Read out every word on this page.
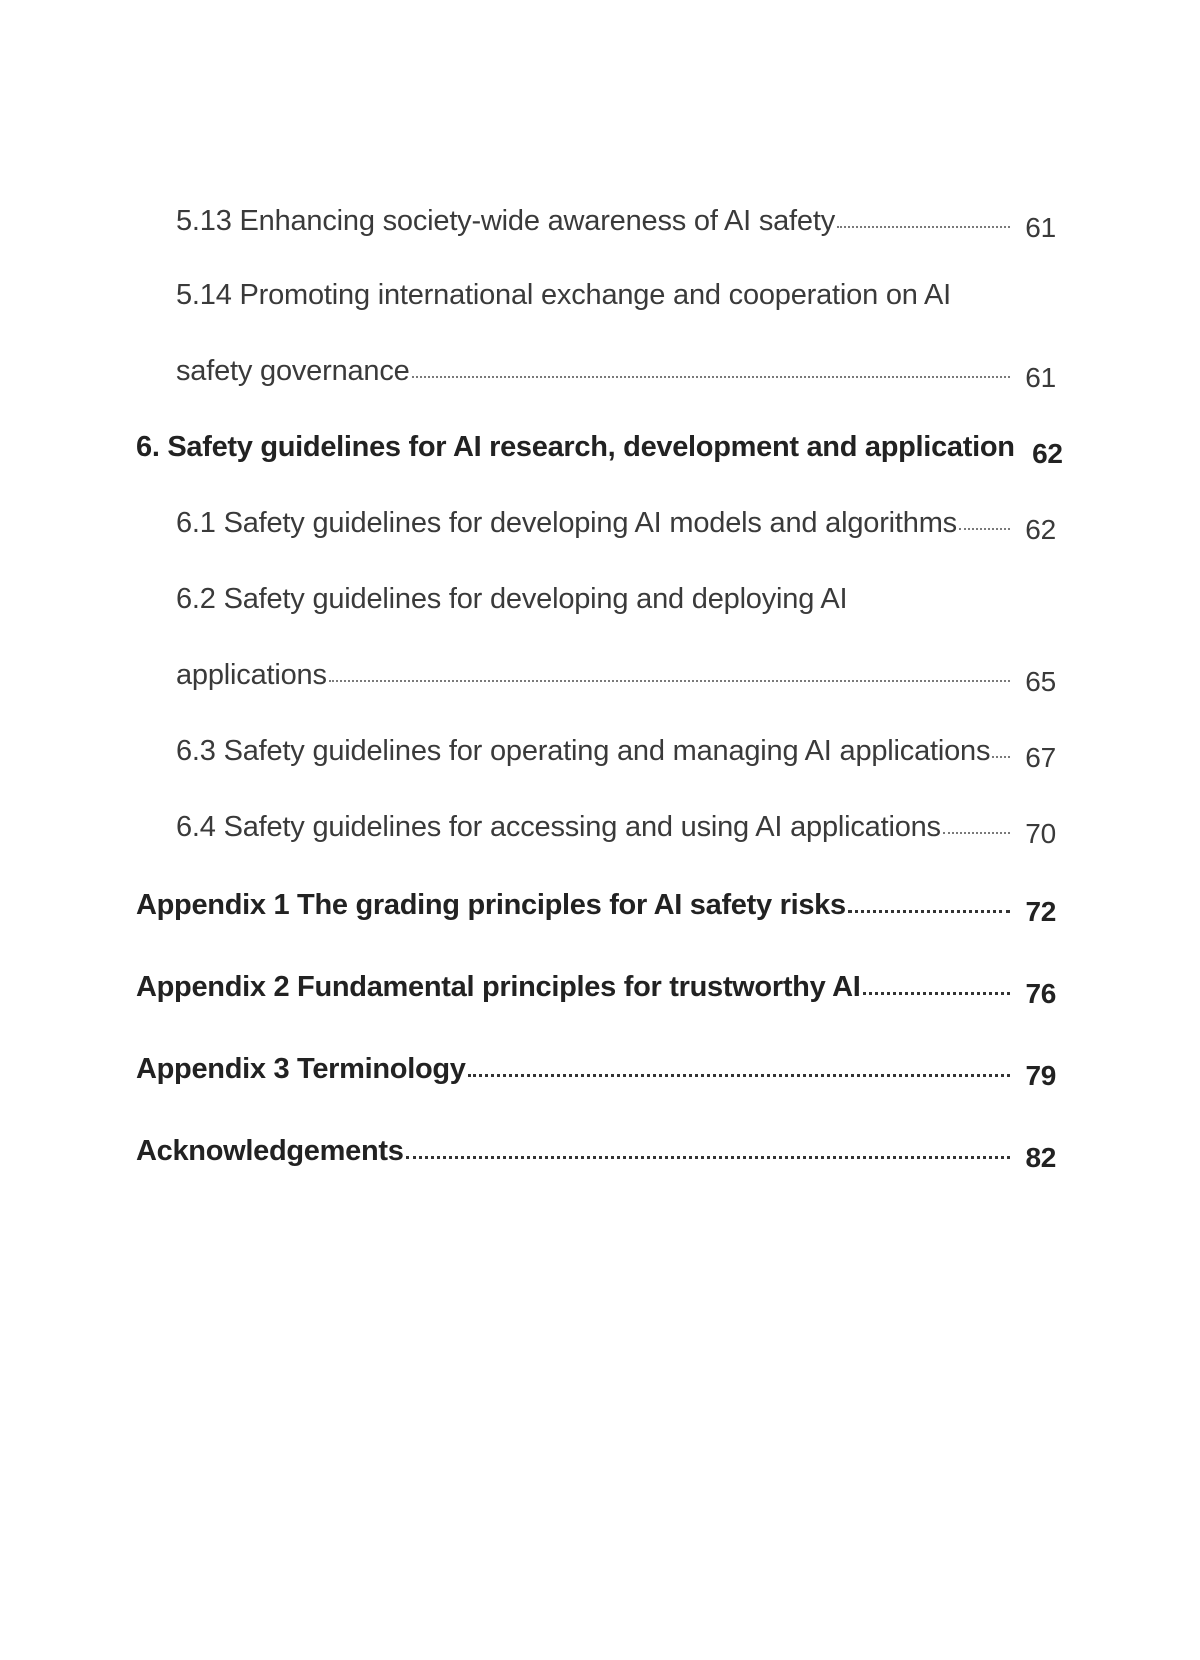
5.13 Enhancing society-wide awareness of AI safety	61
5.14 Promoting international exchange and cooperation on AI
safety governance	61
6. Safety guidelines for AI research, development and application 62
6.1 Safety guidelines for developing AI models and algorithms	62
6.2 Safety guidelines for developing and deploying AI
applications	65
6.3 Safety guidelines for operating and managing AI applications	67
6.4 Safety guidelines for accessing and using AI applications	70
Appendix 1 The grading principles for AI safety risks	72
Appendix 2 Fundamental principles for trustworthy AI	76
Appendix 3 Terminology	79
Acknowledgements	82
